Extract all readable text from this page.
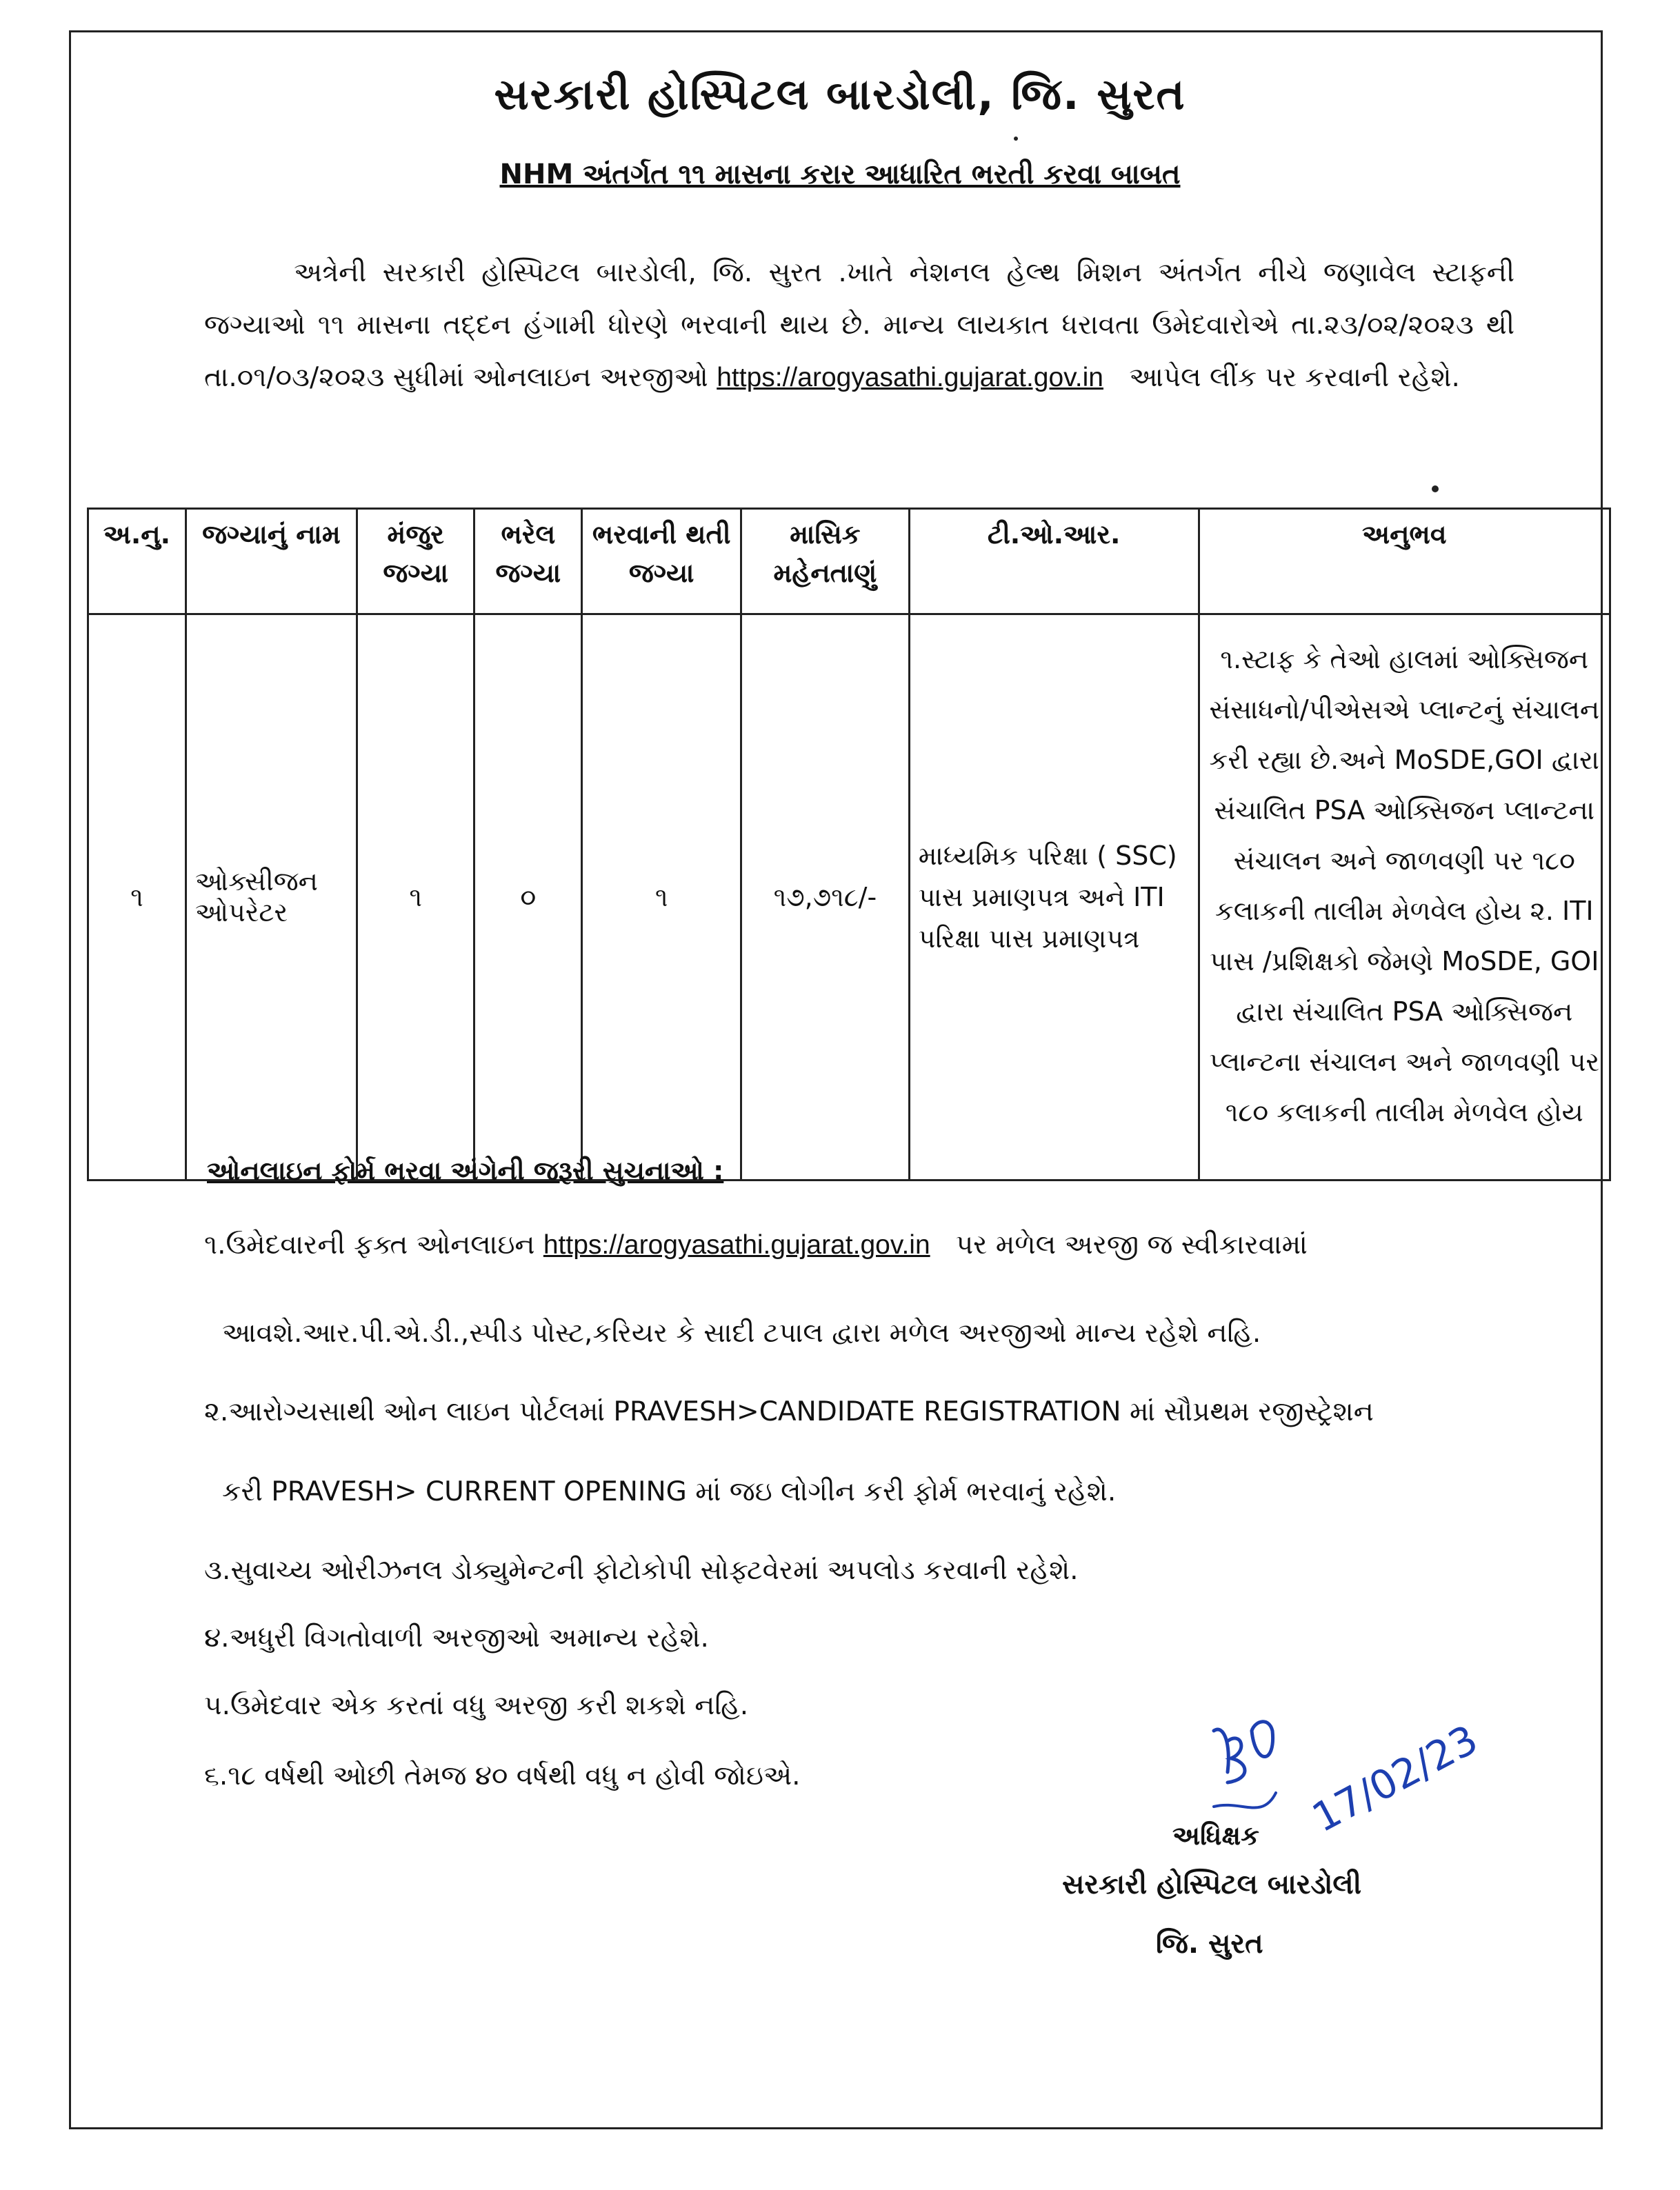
સરકારી હોસ્પિટલ બારડોલી, જિ. સુરત
NHM અંતર્ગત ૧૧ માસના કરાર આધારિત ભરતી કરવા બાબત
અત્રેની સરકારી હોસ્પિટલ બારડોલી, જિ. સુરત .ખાતે નેશનલ હેલ્થ મિશન અંતર્ગત નીચે જણાવેલ સ્ટાફની જગ્યાઓ ૧૧ માસના તદ્દન હંગામી ધોરણે ભરવાની થાય છે. માન્ય લાયકાત ધરાવતા ઉમેદવારોએ તા.૨૩/૦૨/૨૦૨૩ થી તા.૦૧/૦૩/૨૦૨૩ સુધીમાં ઓનલાઇન અરજીઓ https://arogyasathi.gujarat.gov.in આપેલ લીંક પર કરવાની રહેશે.
અ.નુ.	જગ્યાનું નામ	મંજુર જગ્યા	ભરેલ જગ્યા	ભરવાની થતી જગ્યા	માસિક મહેનતાણું	ટી.ઓ.આર.	અનુભવ
૧	ઓક્સીજન ઓપરેટર	૧	૦	૧	૧૭,૭૧૮/-	માધ્યમિક પરિક્ષા ( SSC) પાસ પ્રમાણપત્ર અને ITI પરિક્ષા પાસ પ્રમાણપત્ર	૧.સ્ટાફ કે તેઓ હાલમાં ઓક્સિજન સંસાધનો/પીએસએ પ્લાન્ટનું સંચાલન કરી રહ્યા છે.અને MoSDE,GOI દ્વારા સંચાલિત PSA ઓક્સિજન પ્લાન્ટના સંચાલન અને જાળવણી પર ૧૮૦ કલાકની તાલીમ મેળવેલ હોય ૨. ITI પાસ /પ્રશિક્ષકો જેમણે MoSDE, GOI દ્વારા સંચાલિત PSA ઓક્સિજન પ્લાન્ટના સંચાલન અને જાળવણી પર ૧૮૦ કલાકની તાલીમ મેળવેલ હોય
ઓનલાઇન ફોર્મ ભરવા અંગેની જરૂરી સુચનાઓ :
૧.ઉમેદવારની ફક્ત ઓનલાઇન https://arogyasathi.gujarat.gov.in પર મળેલ અરજી જ સ્વીકારવામાં
આવશે.આર.પી.એ.ડી.,સ્પીડ પોસ્ટ,કરિયર કે સાદી ટપાલ દ્વારા મળેલ અરજીઓ માન્ય રહેશે નહિ.
૨.આરોગ્યસાથી ઓન લાઇન પોર્ટલમાં PRAVESH>CANDIDATE REGISTRATION માં સૌપ્રથમ રજીસ્ટ્રેશન
કરી PRAVESH> CURRENT OPENING માં જઇ લોગીન કરી ફોર્મ ભરવાનું રહેશે.
૩.સુવાચ્ય ઓરીઝનલ ડોક્યુમેન્ટની ફોટોકોપી સોફ્ટવેરમાં અપલોડ કરવાની રહેશે.
૪.અધુરી વિગતોવાળી અરજીઓ અમાન્ય રહેશે.
૫.ઉમેદવાર એક કરતાં વધુ અરજી કરી શકશે નહિ.
૬.૧૮ વર્ષથી ઓછી તેમજ ૪૦ વર્ષથી વધુ ન હોવી જોઇએ.	17/02/23
અધિક્ષક
સરકારી હોસ્પિટલ બારડોલી
જિ. સુરત
